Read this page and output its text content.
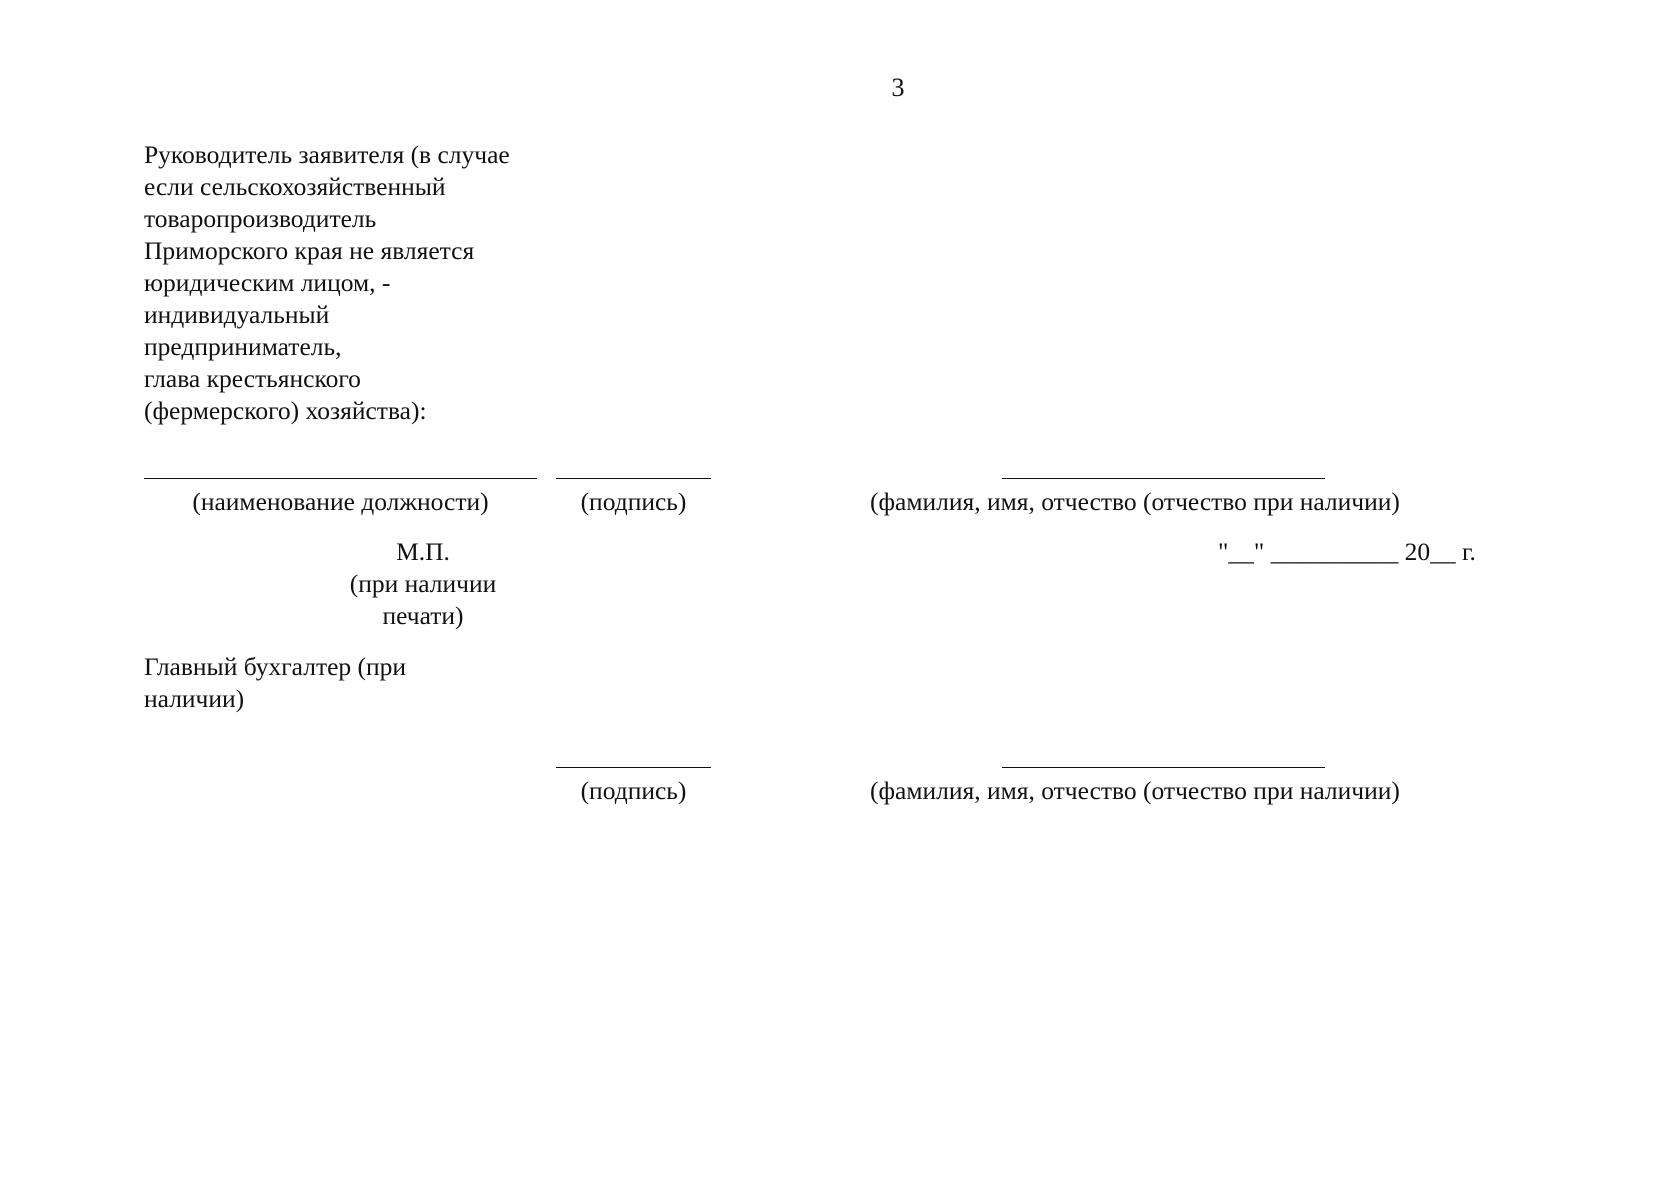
3
Руководитель заявителя (в случае
если сельскохозяйственный
товаропроизводитель
Приморского края не является
юридическим лицом, -
индивидуальный
предприниматель,
глава крестьянского
(фермерского) хозяйства):
(наименование должности)	(подпись)	(фамилия, имя, отчество (отчество при наличии)
М.П.
(при наличии
печати)
"__" __________ 20__ г.
Главный бухгалтер (при
наличии)
(подпись)	(фамилия, имя, отчество (отчество при наличии)
